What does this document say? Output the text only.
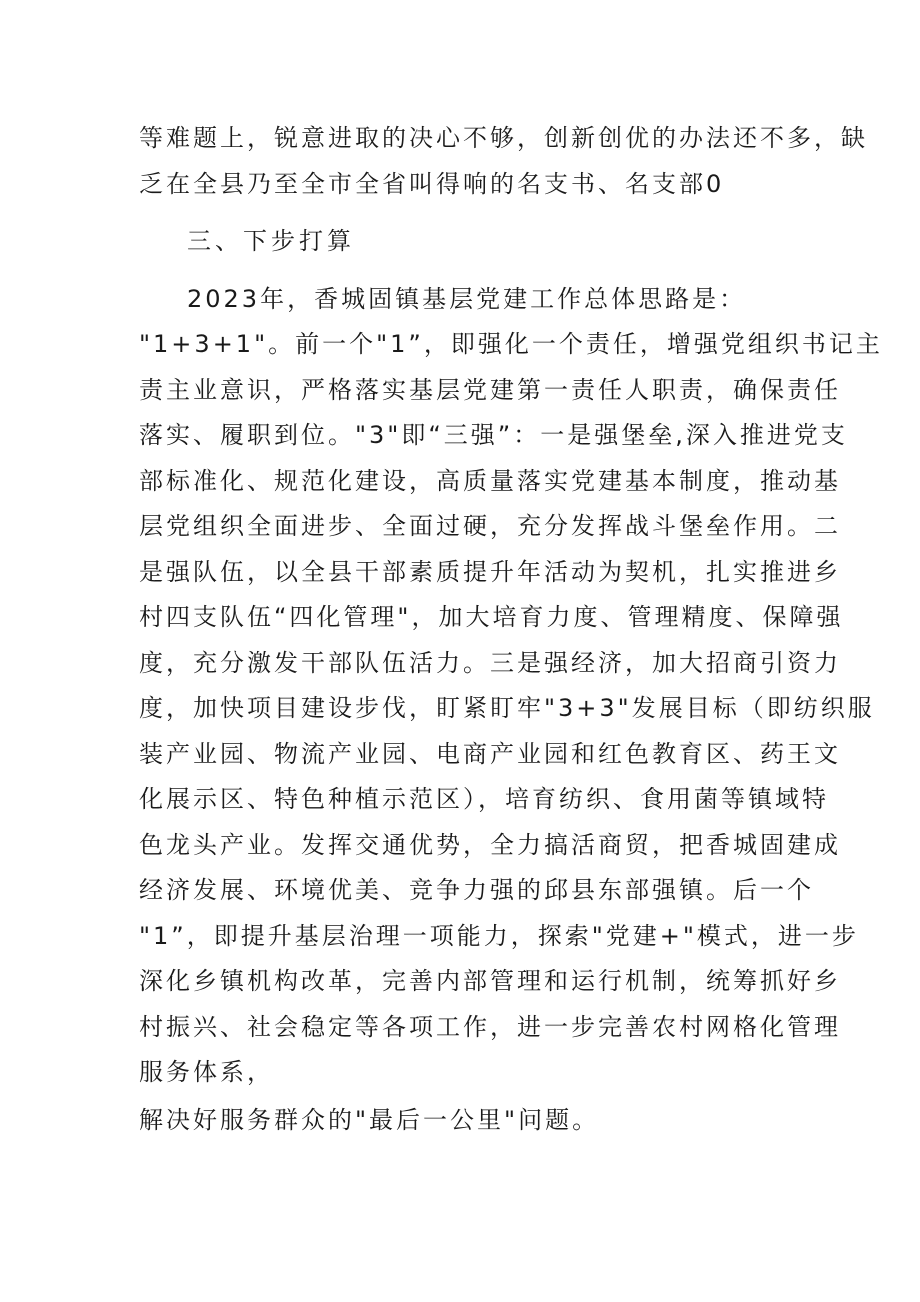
等难题上，锐意进取的决心不够，创新创优的办法还不多，缺
乏在全县乃至全市全省叫得响的名支书、名支部0
三、下步打算
2023年，香城固镇基层党建工作总体思路是：
"1+3+1"。前一个"1”，即强化一个责任，增强党组织书记主
责主业意识，严格落实基层党建第一责任人职责，确保责任
落实、履职到位。"3"即“三强”：一是强堡垒,深入推进党支
部标准化、规范化建设，高质量落实党建基本制度，推动基
层党组织全面进步、全面过硬，充分发挥战斗堡垒作用。二
是强队伍，以全县干部素质提升年活动为契机，扎实推进乡
村四支队伍“四化管理"，加大培育力度、管理精度、保障强
度，充分激发干部队伍活力。三是强经济，加大招商引资力
度，加快项目建设步伐，盯紧盯牢"3+3"发展目标（即纺织服
装产业园、物流产业园、电商产业园和红色教育区、药王文
化展示区、特色种植示范区），培育纺织、食用菌等镇域特
色龙头产业。发挥交通优势，全力搞活商贸，把香城固建成
经济发展、环境优美、竞争力强的邱县东部强镇。后一个
"1”，即提升基层治理一项能力，探索"党建+"模式，进一步
深化乡镇机构改革，完善内部管理和运行机制，统筹抓好乡
村振兴、社会稳定等各项工作，进一步完善农村网格化管理
服务体系，
解决好服务群众的"最后一公里"问题。
